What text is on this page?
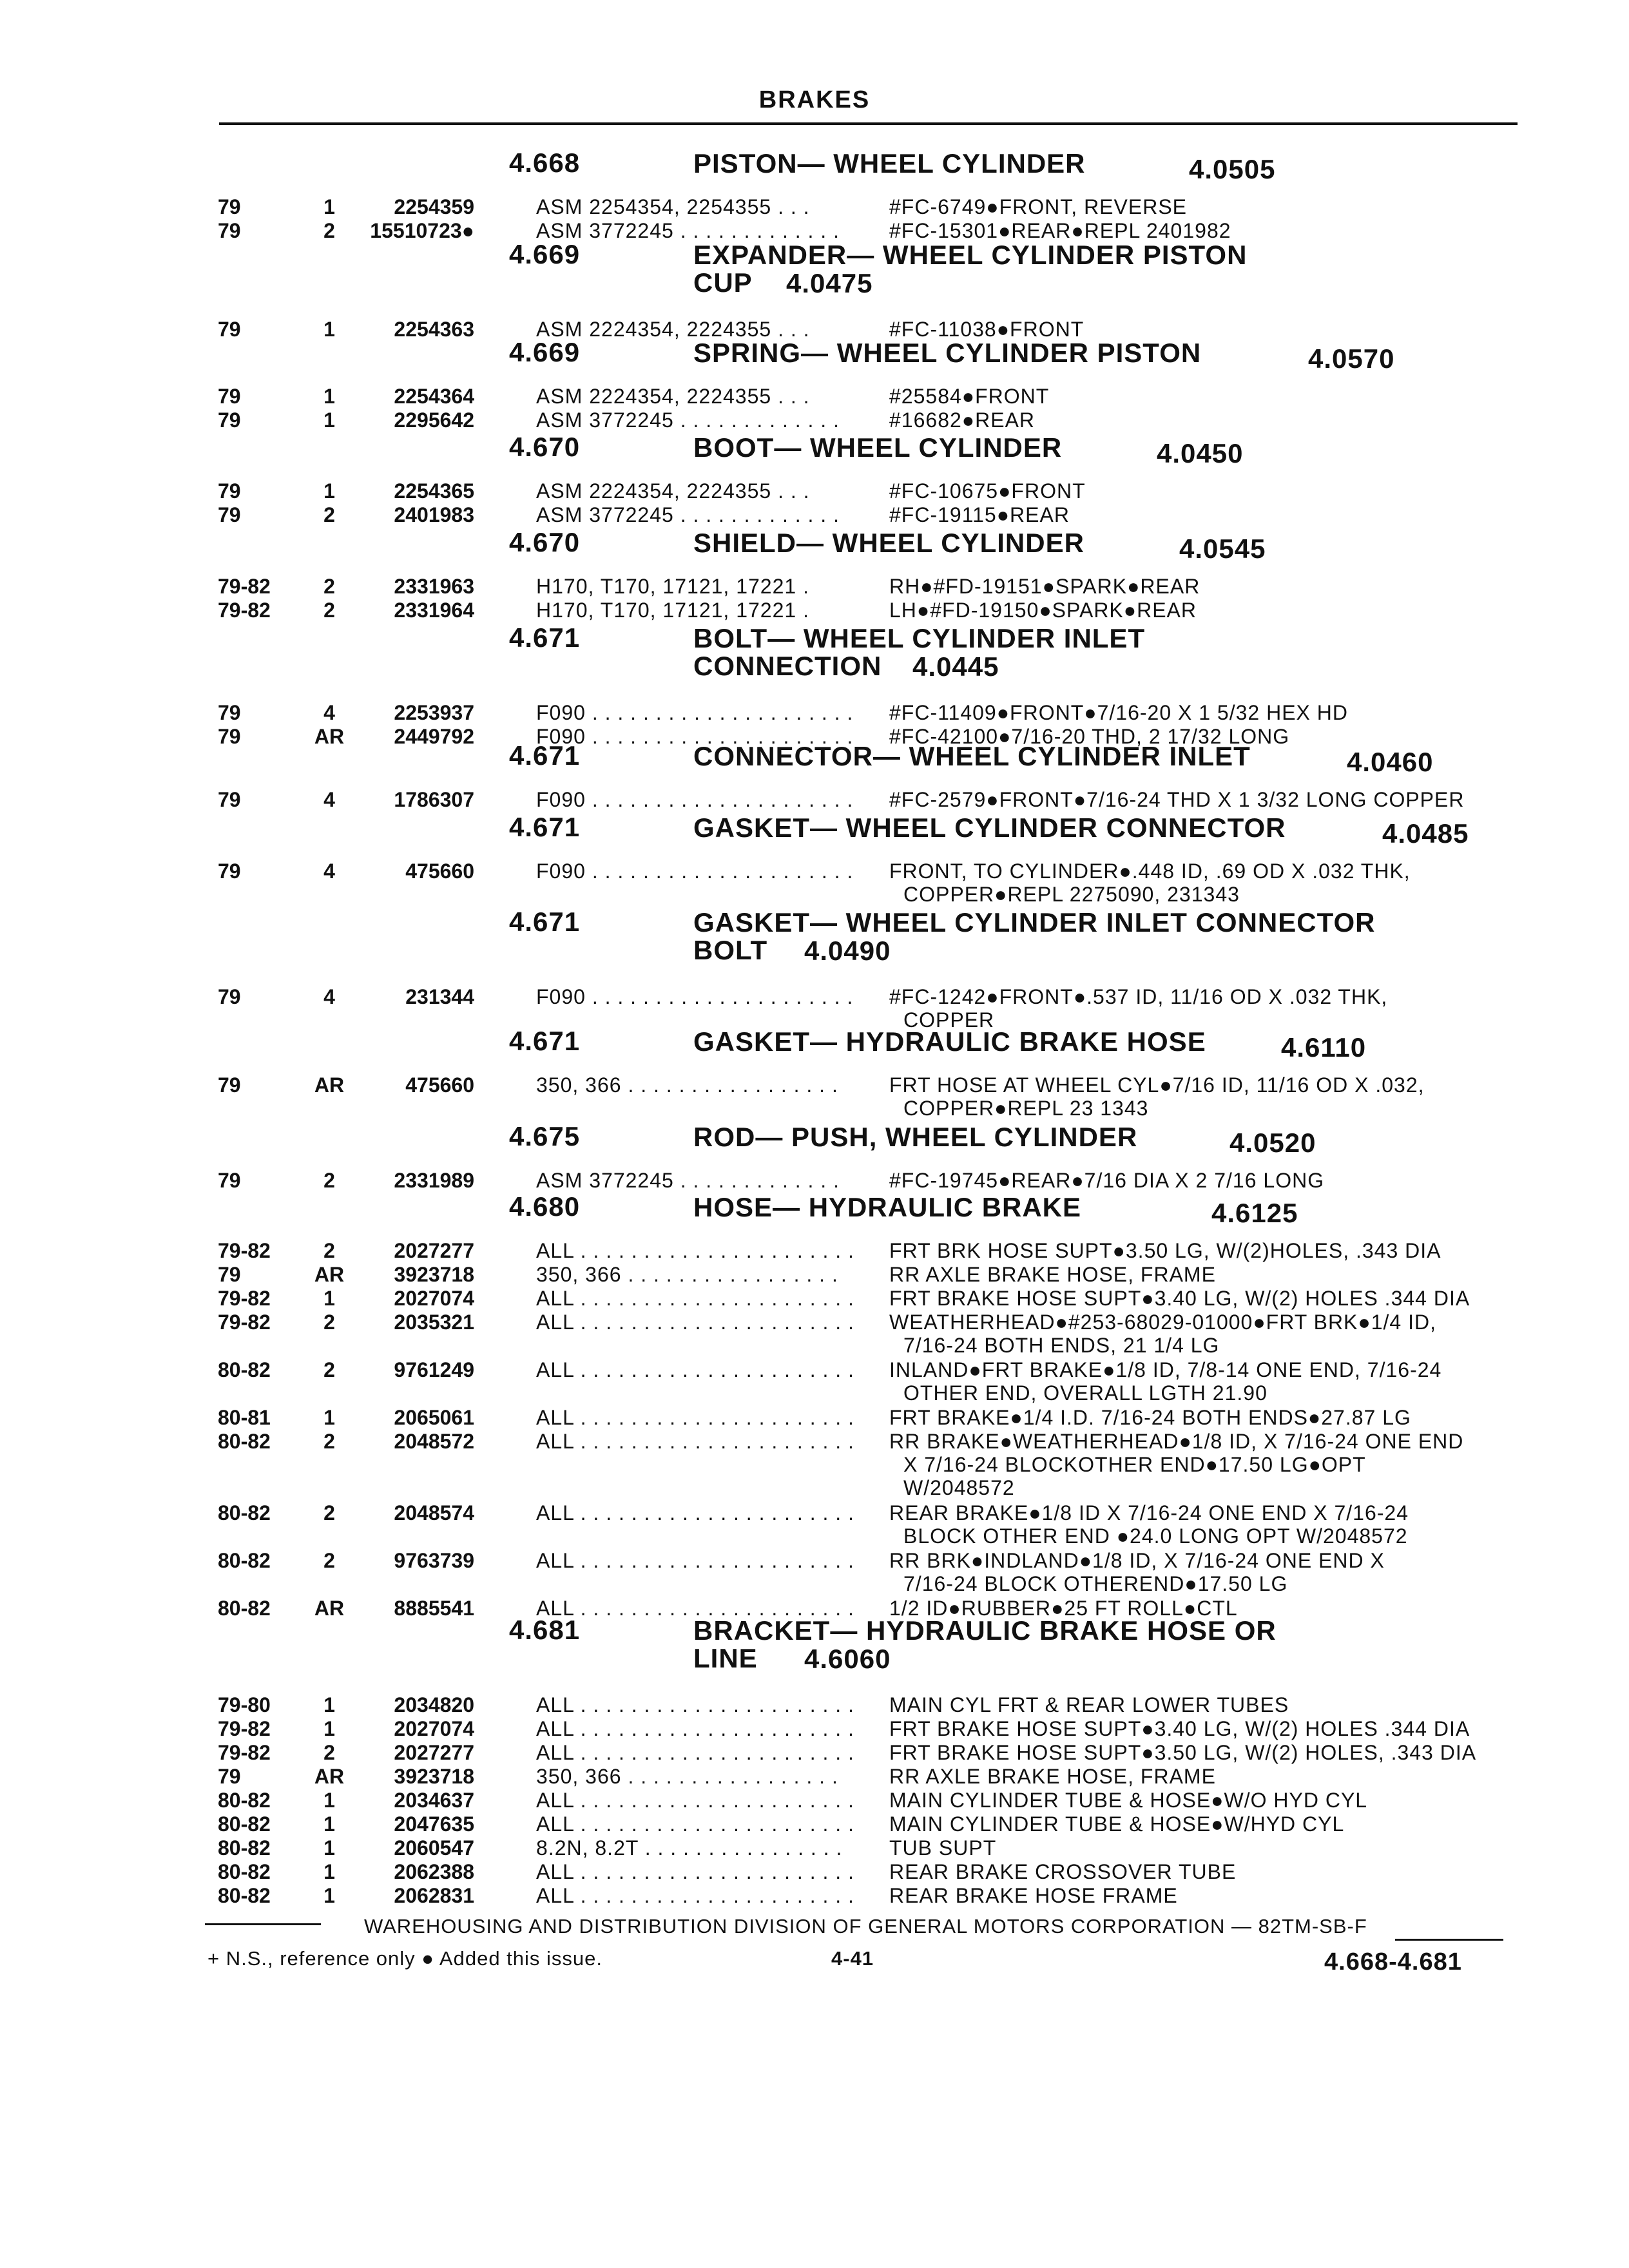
BRAKES
4.668	PISTON— WHEEL CYLINDER	4.0505
79	1	2254359	ASM 2254354, 2254355 . . .	#FC-6749●FRONT, REVERSE
79	2	15510723●	ASM 3772245 . . . . . . . . . . . . .	#FC-15301●REAR●REPL 2401982
4.669	EXPANDER— WHEEL CYLINDER PISTON
CUP	4.0475
79	1	2254363	ASM 2224354, 2224355 . . .	#FC-11038●FRONT
4.669	SPRING— WHEEL CYLINDER PISTON	4.0570
79	1	2254364	ASM 2224354, 2224355 . . .	#25584●FRONT
79	1	2295642	ASM 3772245 . . . . . . . . . . . . .	#16682●REAR
4.670	BOOT— WHEEL CYLINDER	4.0450
79	1	2254365	ASM 2224354, 2224355 . . .	#FC-10675●FRONT
79	2	2401983	ASM 3772245 . . . . . . . . . . . . .	#FC-19115●REAR
4.670	SHIELD— WHEEL CYLINDER	4.0545
79-82	2	2331963	H170, T170, 17121, 17221 .	RH●#FD-19151●SPARK●REAR
79-82	2	2331964	H170, T170, 17121, 17221 .	LH●#FD-19150●SPARK●REAR
4.671	BOLT— WHEEL CYLINDER INLET
CONNECTION	4.0445
79	4	2253937	F090 . . . . . . . . . . . . . . . . . . . . .	#FC-11409●FRONT●7/16-20 X 1 5/32 HEX HD
79	AR	2449792	F090 . . . . . . . . . . . . . . . . . . . . .	#FC-42100●7/16-20 THD, 2 17/32 LONG
4.671	CONNECTOR— WHEEL CYLINDER INLET	4.0460
79	4	1786307	F090 . . . . . . . . . . . . . . . . . . . . .	#FC-2579●FRONT●7/16-24 THD X 1 3/32 LONG COPPER
4.671	GASKET— WHEEL CYLINDER CONNECTOR	4.0485
79	4	475660	F090 . . . . . . . . . . . . . . . . . . . . .	FRONT, TO CYLINDER●.448 ID, .69 OD X .032 THK,
COPPER●REPL 2275090, 231343
4.671	GASKET— WHEEL CYLINDER INLET CONNECTOR
BOLT	4.0490
79	4	231344	F090 . . . . . . . . . . . . . . . . . . . . .	#FC-1242●FRONT●.537 ID, 11/16 OD X .032 THK,
COPPER
4.671	GASKET— HYDRAULIC BRAKE HOSE	4.6110
79	AR	475660	350, 366 . . . . . . . . . . . . . . . . .	FRT HOSE AT WHEEL CYL●7/16 ID, 11/16 OD X .032,
COPPER●REPL 23 1343
4.675	ROD— PUSH, WHEEL CYLINDER	4.0520
79	2	2331989	ASM 3772245 . . . . . . . . . . . . .	#FC-19745●REAR●7/16 DIA X 2 7/16 LONG
4.680	HOSE— HYDRAULIC BRAKE	4.6125
79-82	2	2027277	ALL . . . . . . . . . . . . . . . . . . . . . .	FRT BRK HOSE SUPT●3.50 LG, W/(2)HOLES, .343 DIA
79	AR	3923718	350, 366 . . . . . . . . . . . . . . . . .	RR AXLE BRAKE HOSE, FRAME
79-82	1	2027074	ALL . . . . . . . . . . . . . . . . . . . . . .	FRT BRAKE HOSE SUPT●3.40 LG, W/(2) HOLES .344 DIA
79-82	2	2035321	ALL . . . . . . . . . . . . . . . . . . . . . .	WEATHERHEAD●#253-68029-01000●FRT BRK●1/4 ID,
7/16-24 BOTH ENDS, 21 1/4 LG
80-82	2	9761249	ALL . . . . . . . . . . . . . . . . . . . . . .	INLAND●FRT BRAKE●1/8 ID, 7/8-14 ONE END, 7/16-24
OTHER END, OVERALL LGTH 21.90
80-81	1	2065061	ALL . . . . . . . . . . . . . . . . . . . . . .	FRT BRAKE●1/4 I.D. 7/16-24 BOTH ENDS●27.87 LG
80-82	2	2048572	ALL . . . . . . . . . . . . . . . . . . . . . .	RR BRAKE●WEATHERHEAD●1/8 ID, X 7/16-24 ONE END
X 7/16-24 BLOCKOTHER END●17.50 LG●OPT
W/2048572
80-82	2	2048574	ALL . . . . . . . . . . . . . . . . . . . . . .	REAR BRAKE●1/8 ID X 7/16-24 ONE END X 7/16-24
BLOCK OTHER END ●24.0 LONG OPT W/2048572
80-82	2	9763739	ALL . . . . . . . . . . . . . . . . . . . . . .	RR BRK●INDLAND●1/8 ID, X 7/16-24 ONE END X
7/16-24 BLOCK OTHEREND●17.50 LG
80-82	AR	8885541	ALL . . . . . . . . . . . . . . . . . . . . . .	1/2 ID●RUBBER●25 FT ROLL●CTL
4.681	BRACKET— HYDRAULIC BRAKE HOSE OR
LINE	4.6060
79-80	1	2034820	ALL . . . . . . . . . . . . . . . . . . . . . .	MAIN CYL FRT & REAR LOWER TUBES
79-82	1	2027074	ALL . . . . . . . . . . . . . . . . . . . . . .	FRT BRAKE HOSE SUPT●3.40 LG, W/(2) HOLES .344 DIA
79-82	2	2027277	ALL . . . . . . . . . . . . . . . . . . . . . .	FRT BRAKE HOSE SUPT●3.50 LG, W/(2) HOLES, .343 DIA
79	AR	3923718	350, 366 . . . . . . . . . . . . . . . . .	RR AXLE BRAKE HOSE, FRAME
80-82	1	2034637	ALL . . . . . . . . . . . . . . . . . . . . . .	MAIN CYLINDER TUBE & HOSE●W/O HYD CYL
80-82	1	2047635	ALL . . . . . . . . . . . . . . . . . . . . . .	MAIN CYLINDER TUBE & HOSE●W/HYD CYL
80-82	1	2060547	8.2N, 8.2T . . . . . . . . . . . . . . . .	TUB SUPT
80-82	1	2062388	ALL . . . . . . . . . . . . . . . . . . . . . .	REAR BRAKE CROSSOVER TUBE
80-82	1	2062831	ALL . . . . . . . . . . . . . . . . . . . . . .	REAR BRAKE HOSE FRAME
WAREHOUSING AND DISTRIBUTION DIVISION OF GENERAL MOTORS CORPORATION — 82TM-SB-F
+ N.S., reference only ● Added this issue.	4-41	4.668-4.681
